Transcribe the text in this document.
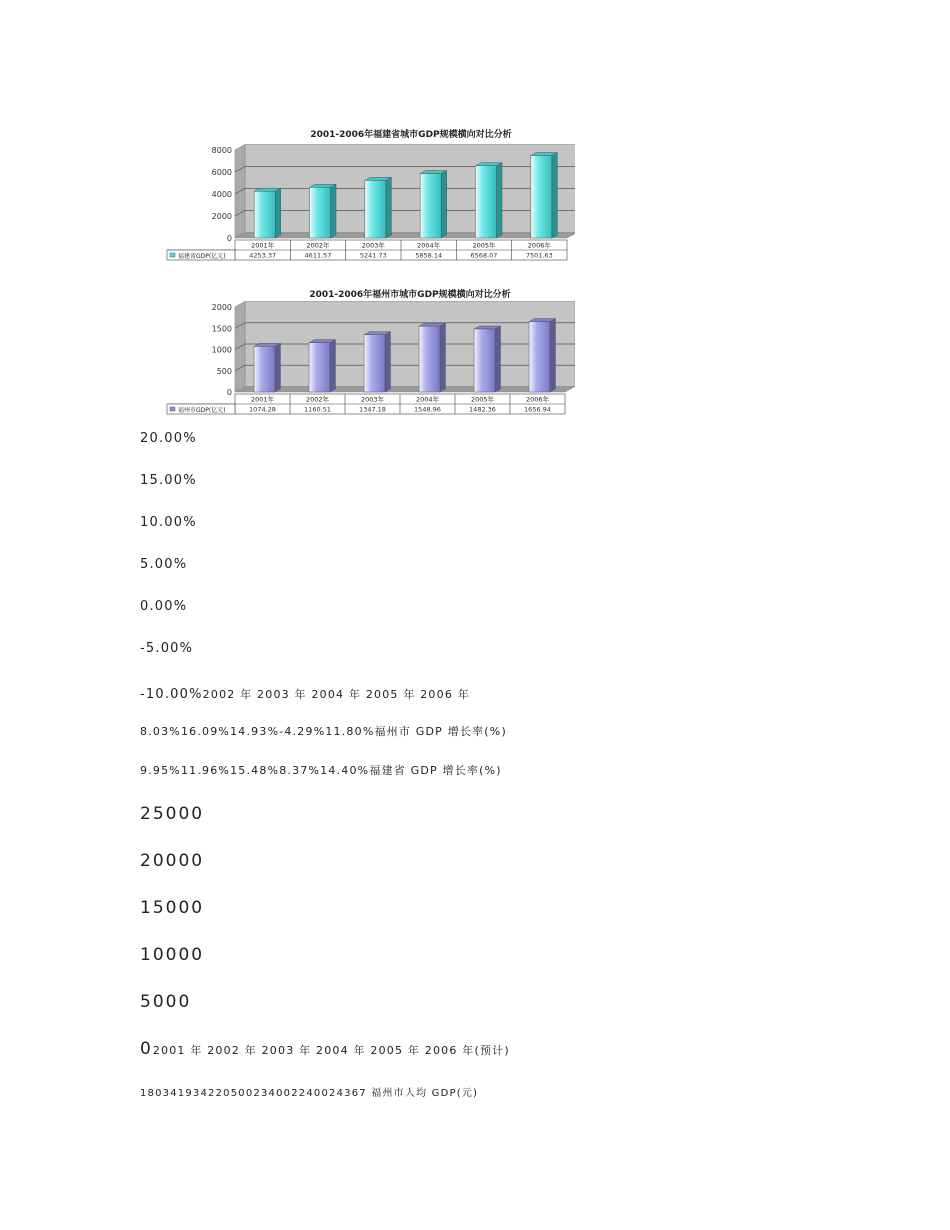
2001-2006年福建省城市GDP规模横向对比分析
8000
6000
4000
2000
0
福建省GDP(亿元)
2001年
4253.37
2002年
4611.57
2003年
5241.73
2004年
5858.14
2005年
6568.07
2006年
7501.63
2001-2006年福州市城市GDP规模横向对比分析
2000
1500
1000
500
0
福州市GDP(亿元)
2001年
1074.28
2002年
1160.51
2003年
1347.18
2004年
1548.96
2005年
1482.36
2006年
1656.94
20.00%
15.00%
10.00%
5.00%
0.00%
-5.00%
-10.00%2002 年 2003 年 2004 年 2005 年 2006 年
8.03%16.09%14.93%-4.29%11.80%福州市 GDP 增长率(%)
9.95%11.96%15.48%8.37%14.40%福建省 GDP 增长率(%)
25000
20000
15000
10000
5000
02001 年 2002 年 2003 年 2004 年 2005 年 2006 年(预计)
180341934220500234002240024367 福州市人均 GDP(元)
